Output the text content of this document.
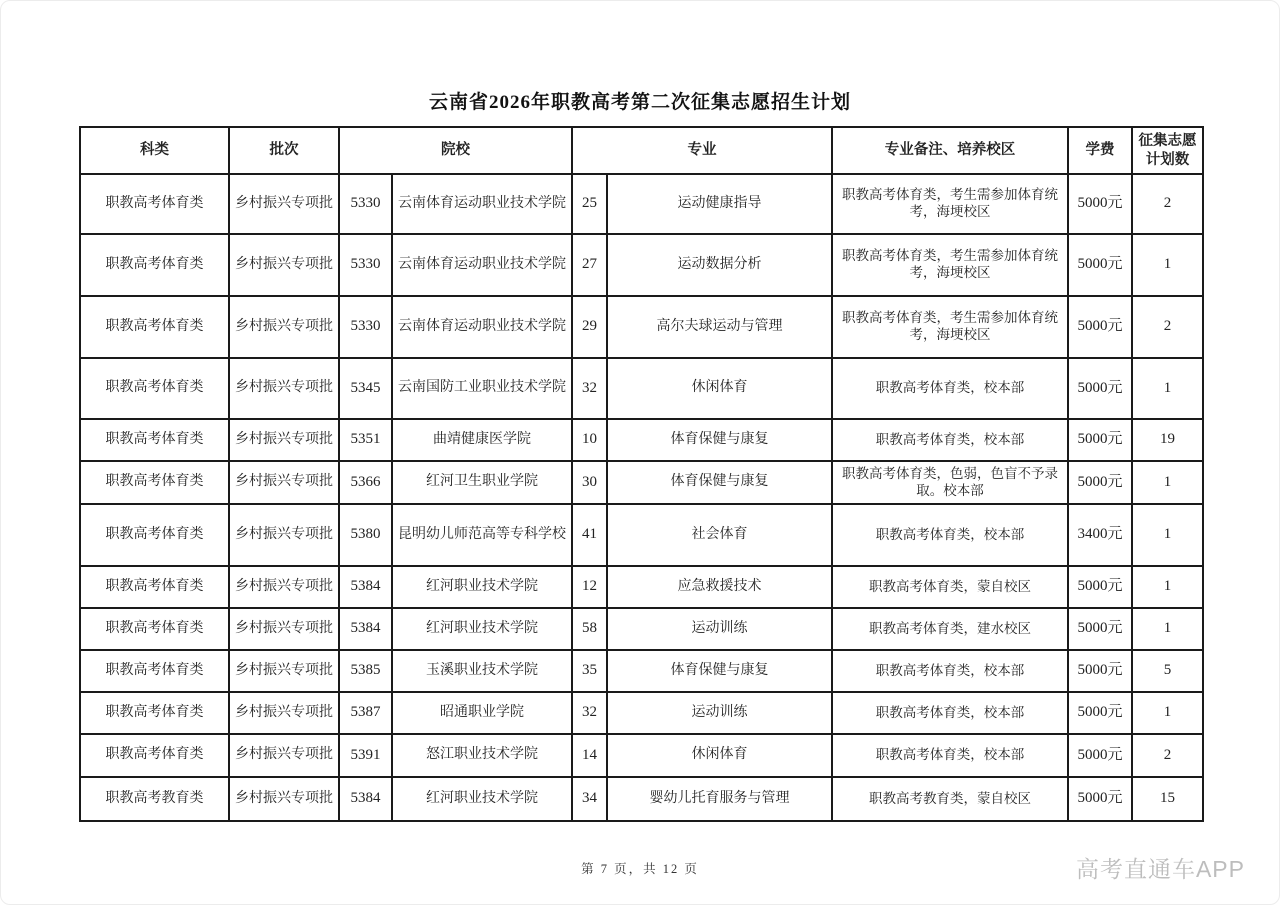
云南省2026年职教高考第二次征集志愿招生计划
科类	批次	院校		专业		专业备注、培养校区	学费	征集志愿计划数
职教高考体育类	乡村振兴专项批	5330	云南体育运动职业技术学院	25	运动健康指导	职教高考体育类，考生需参加体育统考，海埂校区	5000元	2
职教高考体育类	乡村振兴专项批	5330	云南体育运动职业技术学院	27	运动数据分析	职教高考体育类，考生需参加体育统考，海埂校区	5000元	1
职教高考体育类	乡村振兴专项批	5330	云南体育运动职业技术学院	29	高尔夫球运动与管理	职教高考体育类，考生需参加体育统考，海埂校区	5000元	2
职教高考体育类	乡村振兴专项批	5345	云南国防工业职业技术学院	32	休闲体育	职教高考体育类，校本部	5000元	1
职教高考体育类	乡村振兴专项批	5351	曲靖健康医学院	10	体育保健与康复	职教高考体育类，校本部	5000元	19
职教高考体育类	乡村振兴专项批	5366	红河卫生职业学院	30	体育保健与康复	职教高考体育类，色弱，色盲不予录取。校本部	5000元	1
职教高考体育类	乡村振兴专项批	5380	昆明幼儿师范高等专科学校	41	社会体育	职教高考体育类，校本部	3400元	1
职教高考体育类	乡村振兴专项批	5384	红河职业技术学院	12	应急救援技术	职教高考体育类，蒙自校区	5000元	1
职教高考体育类	乡村振兴专项批	5384	红河职业技术学院	58	运动训练	职教高考体育类，建水校区	5000元	1
职教高考体育类	乡村振兴专项批	5385	玉溪职业技术学院	35	体育保健与康复	职教高考体育类，校本部	5000元	5
职教高考体育类	乡村振兴专项批	5387	昭通职业学院	32	运动训练	职教高考体育类，校本部	5000元	1
职教高考体育类	乡村振兴专项批	5391	怒江职业技术学院	14	休闲体育	职教高考体育类，校本部	5000元	2
职教高考教育类	乡村振兴专项批	5384	红河职业技术学院	34	婴幼儿托育服务与管理	职教高考教育类，蒙自校区	5000元	15
第 7 页，共 12 页	高考直通车APP
